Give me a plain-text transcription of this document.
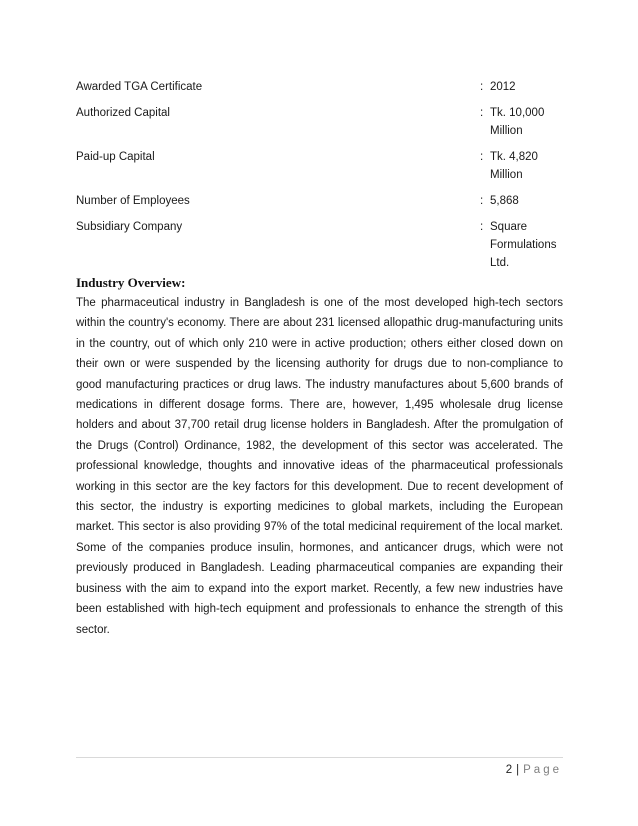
Awarded TGA Certificate	: 2012
Authorized Capital	: Tk. 10,000 Million
Paid-up Capital	: Tk. 4,820 Million
Number of Employees	: 5,868
Subsidiary Company	: Square Formulations Ltd.
Industry Overview:

The pharmaceutical industry in Bangladesh is one of the most developed high-tech sectors within the country's economy. There are about 231 licensed allopathic drug-manufacturing units in the country, out of which only 210 were in active production; others either closed down on their own or were suspended by the licensing authority for drugs due to non-compliance to good manufacturing practices or drug laws. The industry manufactures about 5,600 brands of medications in different dosage forms. There are, however, 1,495 wholesale drug license holders and about 37,700 retail drug license holders in Bangladesh. After the promulgation of the Drugs (Control) Ordinance, 1982, the development of this sector was accelerated. The professional knowledge, thoughts and innovative ideas of the pharmaceutical professionals working in this sector are the key factors for this development. Due to recent development of this sector, the industry is exporting medicines to global markets, including the European market. This sector is also providing 97% of the total medicinal requirement of the local market. Some of the companies produce insulin, hormones, and anticancer drugs, which were not previously produced in Bangladesh. Leading pharmaceutical companies are expanding their business with the aim to expand into the export market. Recently, a few new industries have been established with high-tech equipment and professionals to enhance the strength of this sector.

2 | Page
